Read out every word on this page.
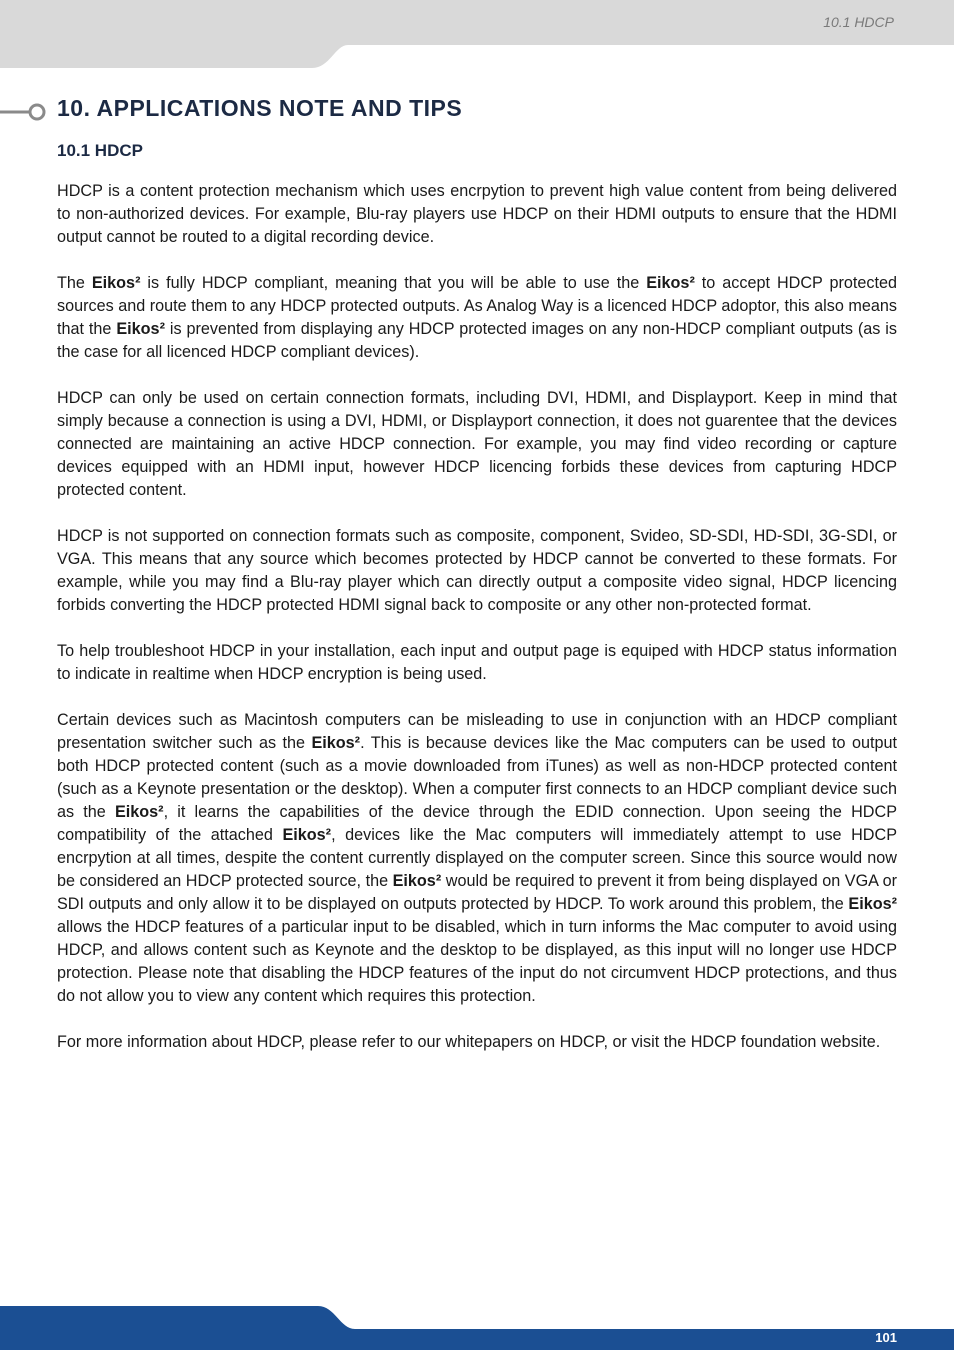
10.1 HDCP
10. APPLICATIONS NOTE AND TIPS
10.1 HDCP

HDCP is a content protection mechanism which uses encrpytion to prevent high value content from being delivered to non-authorized devices. For example, Blu-ray players use HDCP on their HDMI outputs to ensure that the HDMI output cannot be routed to a digital recording device.

The Eikos² is fully HDCP compliant, meaning that you will be able to use the Eikos² to accept HDCP protected sources and route them to any HDCP protected outputs. As Analog Way is a licenced HDCP adoptor, this also means that the Eikos² is prevented from displaying any HDCP protected images on any non-HDCP compliant outputs (as is the case for all licenced HDCP compliant devices).

HDCP can only be used on certain connection formats, including DVI, HDMI, and Displayport. Keep in mind that simply because a connection is using a DVI, HDMI, or Displayport connection, it does not guarentee that the devices connected are maintaining an active HDCP connection. For example, you may find video recording or capture devices equipped with an HDMI input, however HDCP licencing forbids these devices from capturing HDCP protected content.

HDCP is not supported on connection formats such as composite, component, Svideo, SD-SDI, HD-SDI, 3G-SDI, or VGA. This means that any source which becomes protected by HDCP cannot be converted to these formats. For example, while you may find a Blu-ray player which can directly output a composite video signal, HDCP licencing forbids converting the HDCP protected HDMI signal back to composite or any other non-protected format.

To help troubleshoot HDCP in your installation, each input and output page is equiped with HDCP status information to indicate in realtime when HDCP encryption is being used.

Certain devices such as Macintosh computers can be misleading to use in conjunction with an HDCP compliant presentation switcher such as the Eikos². This is because devices like the Mac computers can be used to output both HDCP protected content (such as a movie downloaded from iTunes) as well as non-HDCP protected content (such as a Keynote presentation or the desktop). When a computer first connects to an HDCP compliant device such as the Eikos², it learns the capabilities of the device through the EDID connection. Upon seeing the HDCP compatibility of the attached Eikos², devices like the Mac computers will immediately attempt to use HDCP encrpytion at all times, despite the content currently displayed on the computer screen. Since this source would now be considered an HDCP protected source, the Eikos² would be required to prevent it from being displayed on VGA or SDI outputs and only allow it to be displayed on outputs protected by HDCP. To work around this problem, the Eikos² allows the HDCP features of a particular input to be disabled, which in turn informs the Mac computer to avoid using HDCP, and allows content such as Keynote and the desktop to be displayed, as this input will no longer use HDCP protection. Please note that disabling the HDCP features of the input do not circumvent HDCP protections, and thus do not allow you to view any content which requires this protection.

For more information about HDCP, please refer to our whitepapers on HDCP, or visit the HDCP foundation website.

101
